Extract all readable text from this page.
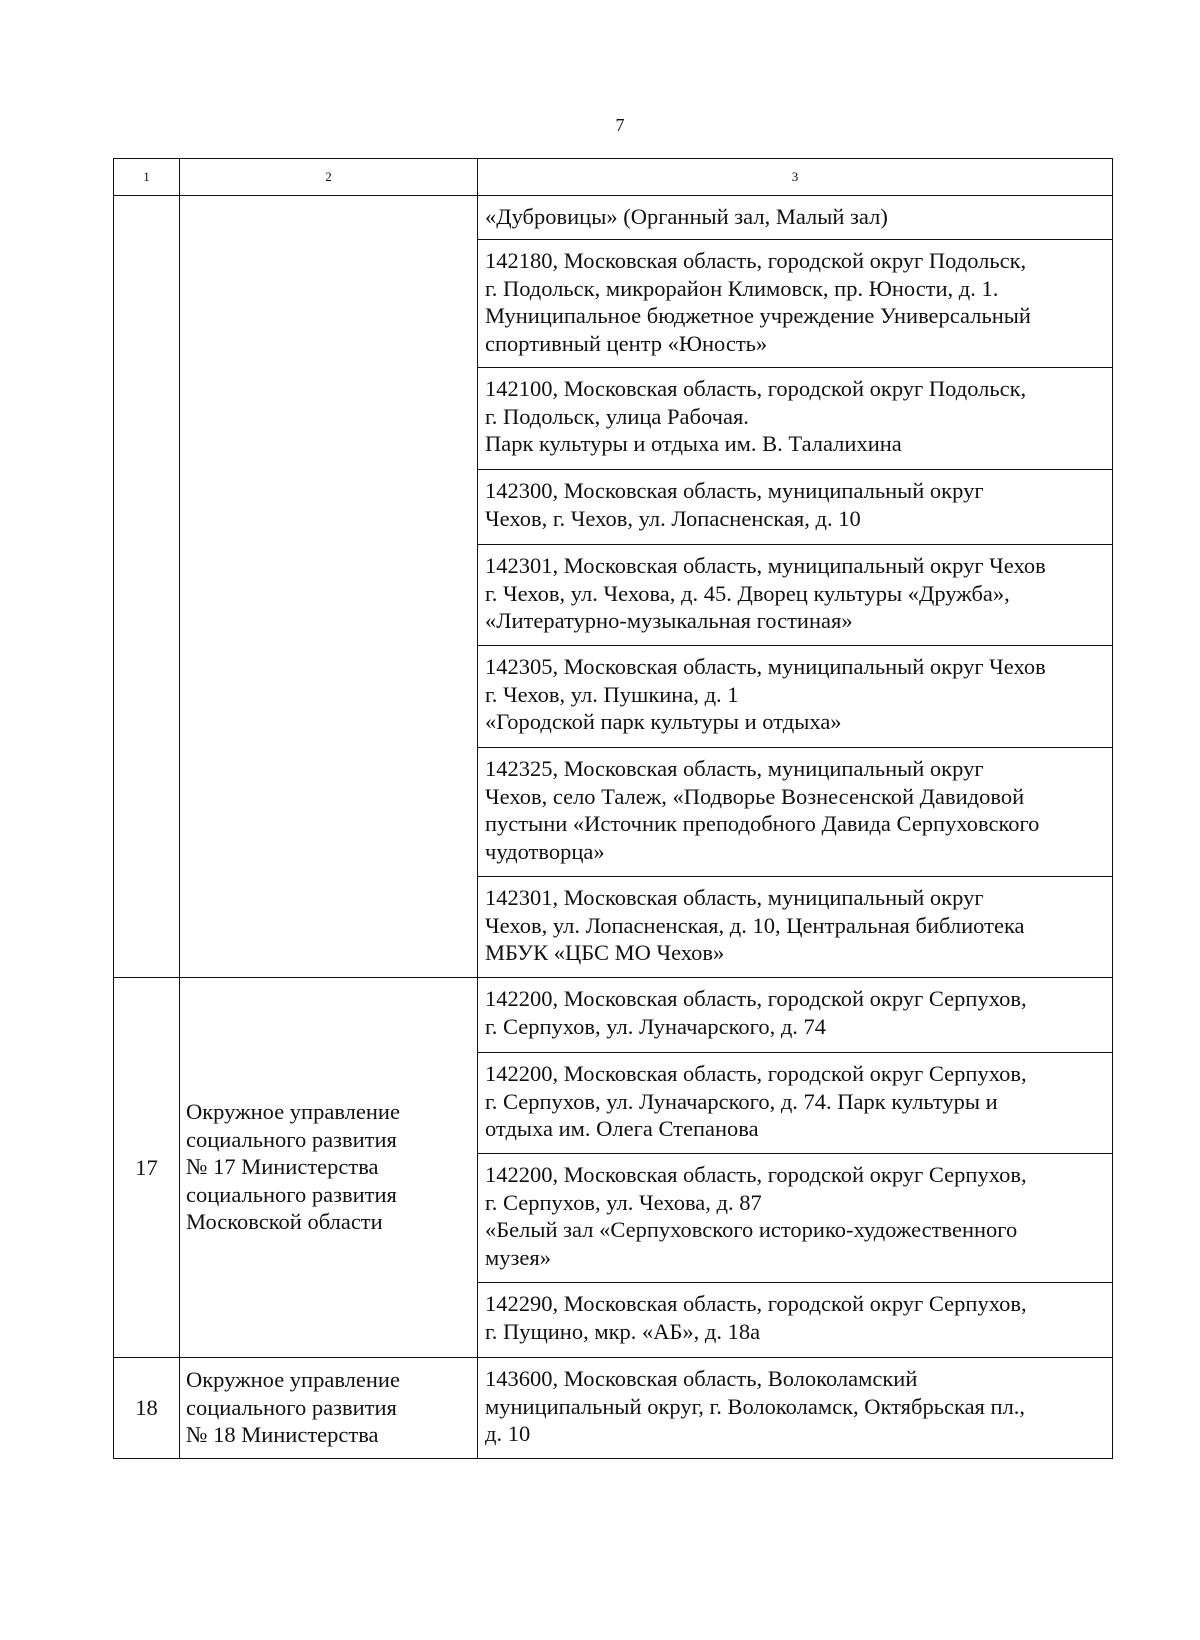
7
1	2	3
		«Дубровицы» (Органный зал, Малый зал)
		142180, Московская область, городской округ Подольск,
г. Подольск, микрорайон Климовск, пр. Юности, д. 1.
Муниципальное бюджетное учреждение Универсальный
спортивный центр «Юность»
		142100, Московская область, городской округ Подольск,
г. Подольск, улица Рабочая.
Парк культуры и отдыха им. В. Талалихина
		142300, Московская область, муниципальный округ
Чехов, г. Чехов, ул. Лопасненская, д. 10
		142301, Московская область, муниципальный округ Чехов
г. Чехов, ул. Чехова, д. 45. Дворец культуры «Дружба»,
«Литературно-музыкальная гостиная»
		142305, Московская область, муниципальный округ Чехов
г. Чехов, ул. Пушкина, д. 1
«Городской парк культуры и отдыха»
		142325, Московская область, муниципальный округ
Чехов, село Талеж, «Подворье Вознесенской Давидовой
пустыни «Источник преподобного Давида Серпуховского
чудотворца»
		142301, Московская область, муниципальный округ
Чехов, ул. Лопасненская, д. 10, Центральная библиотека
МБУК «ЦБС МО Чехов»
17	Окружное управление
социального развития
№ 17 Министерства
социального развития
Московской области	142200, Московская область, городской округ Серпухов,
г. Серпухов, ул. Луначарского, д. 74
		142200, Московская область, городской округ Серпухов,
г. Серпухов, ул. Луначарского, д. 74. Парк культуры и
отдыха им. Олега Степанова
		142200, Московская область, городской округ Серпухов,
г. Серпухов, ул. Чехова, д. 87
«Белый зал «Серпуховского историко-художественного
музея»
		142290, Московская область, городской округ Серпухов,
г. Пущино, мкр. «АБ», д. 18а
18	Окружное управление
социального развития
№ 18 Министерства	143600, Московская область, Волоколамский
муниципальный округ, г. Волоколамск, Октябрьская пл.,
д. 10
